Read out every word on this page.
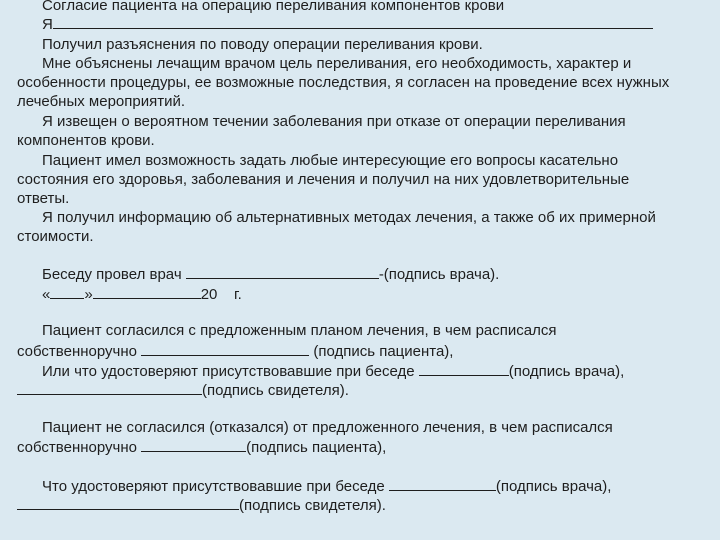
Согласие пациента на операцию переливания компонентов крови
Я
Получил разъяснения по поводу операции переливания крови.
Мне объяснены лечащим врачом цель переливания, его необходимость, характер и
особенности процедуры, ее возможные последствия, я согласен на проведение всех нужных
лечебных мероприятий.
Я извещен о вероятном течении заболевания при отказе от операции переливания
компонентов крови.
Пациент имел возможность задать любые интересующие его вопросы касательно
состояния его здоровья, заболевания и лечения и получил на них удовлетворительные
ответы.
Я получил информацию об альтернативных методах лечения, а также об их примерной
стоимости.
Беседу провел врач	-(подпись врача).
« »	20 г.
Пациент согласился с предложенным планом лечения, в чем расписался
собственноручно	(подпись пациента),
Или что удостоверяют присутствовавшие при беседе	(подпись врача),
(подпись свидетеля).
Пациент не согласился (отказался) от предложенного лечения, в чем расписался
собственноручно	(подпись пациента),
Что удостоверяют присутствовавшие при беседе	(подпись врача),
(подпись свидетеля).
